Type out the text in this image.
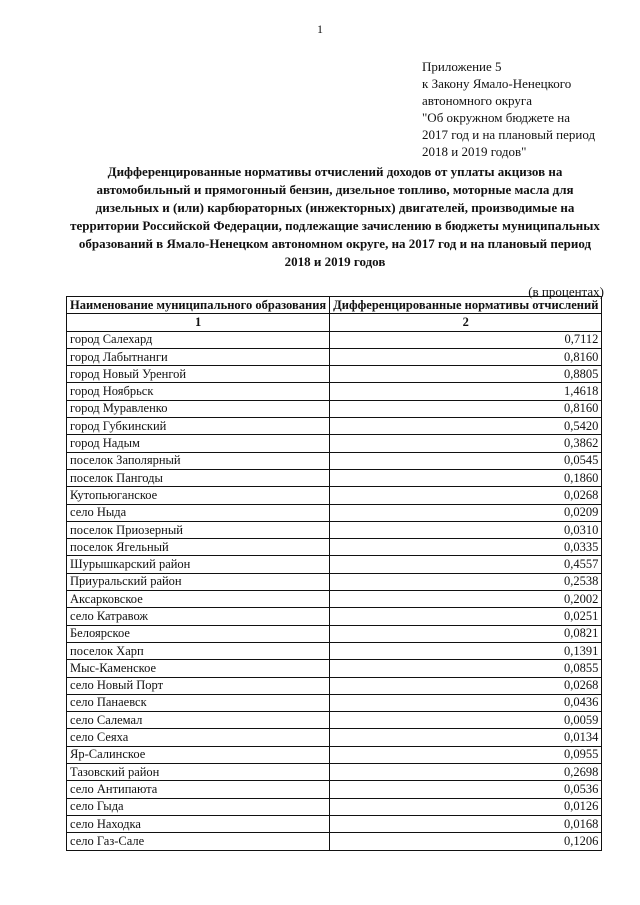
1
Приложение 5
к Закону Ямало-Ненецкого
автономного округа
"Об окружном бюджете на
2017 год и на плановый период
2018 и 2019 годов"
Дифференцированные нормативы отчислений доходов от уплаты акцизов на автомобильный и прямогонный бензин, дизельное топливо, моторные масла для дизельных и (или) карбюраторных (инжекторных) двигателей, производимые на территории Российской Федерации, подлежащие зачислению в бюджеты муниципальных образований в Ямало-Ненецком автономном округе, на 2017 год и на плановый период 2018 и 2019 годов
(в процентах)
Наименование муниципального образования	Дифференцированные нормативы отчислений
1	2
город Салехард	0,7112
город Лабытнанги	0,8160
город Новый Уренгой	0,8805
город Ноябрьск	1,4618
город Муравленко	0,8160
город Губкинский	0,5420
город Надым	0,3862
поселок Заполярный	0,0545
поселок Пангоды	0,1860
Кутопьюганское	0,0268
село Ныда	0,0209
поселок Приозерный	0,0310
поселок Ягельный	0,0335
Шурышкарский район	0,4557
Приуральский район	0,2538
Аксарковское	0,2002
село Катравож	0,0251
Белоярское	0,0821
поселок Харп	0,1391
Мыс-Каменское	0,0855
село Новый Порт	0,0268
село Панаевск	0,0436
село Салемал	0,0059
село Сеяха	0,0134
Яр-Салинское	0,0955
Тазовский район	0,2698
село Антипаюта	0,0536
село Гыда	0,0126
село Находка	0,0168
село Газ-Сале	0,1206
